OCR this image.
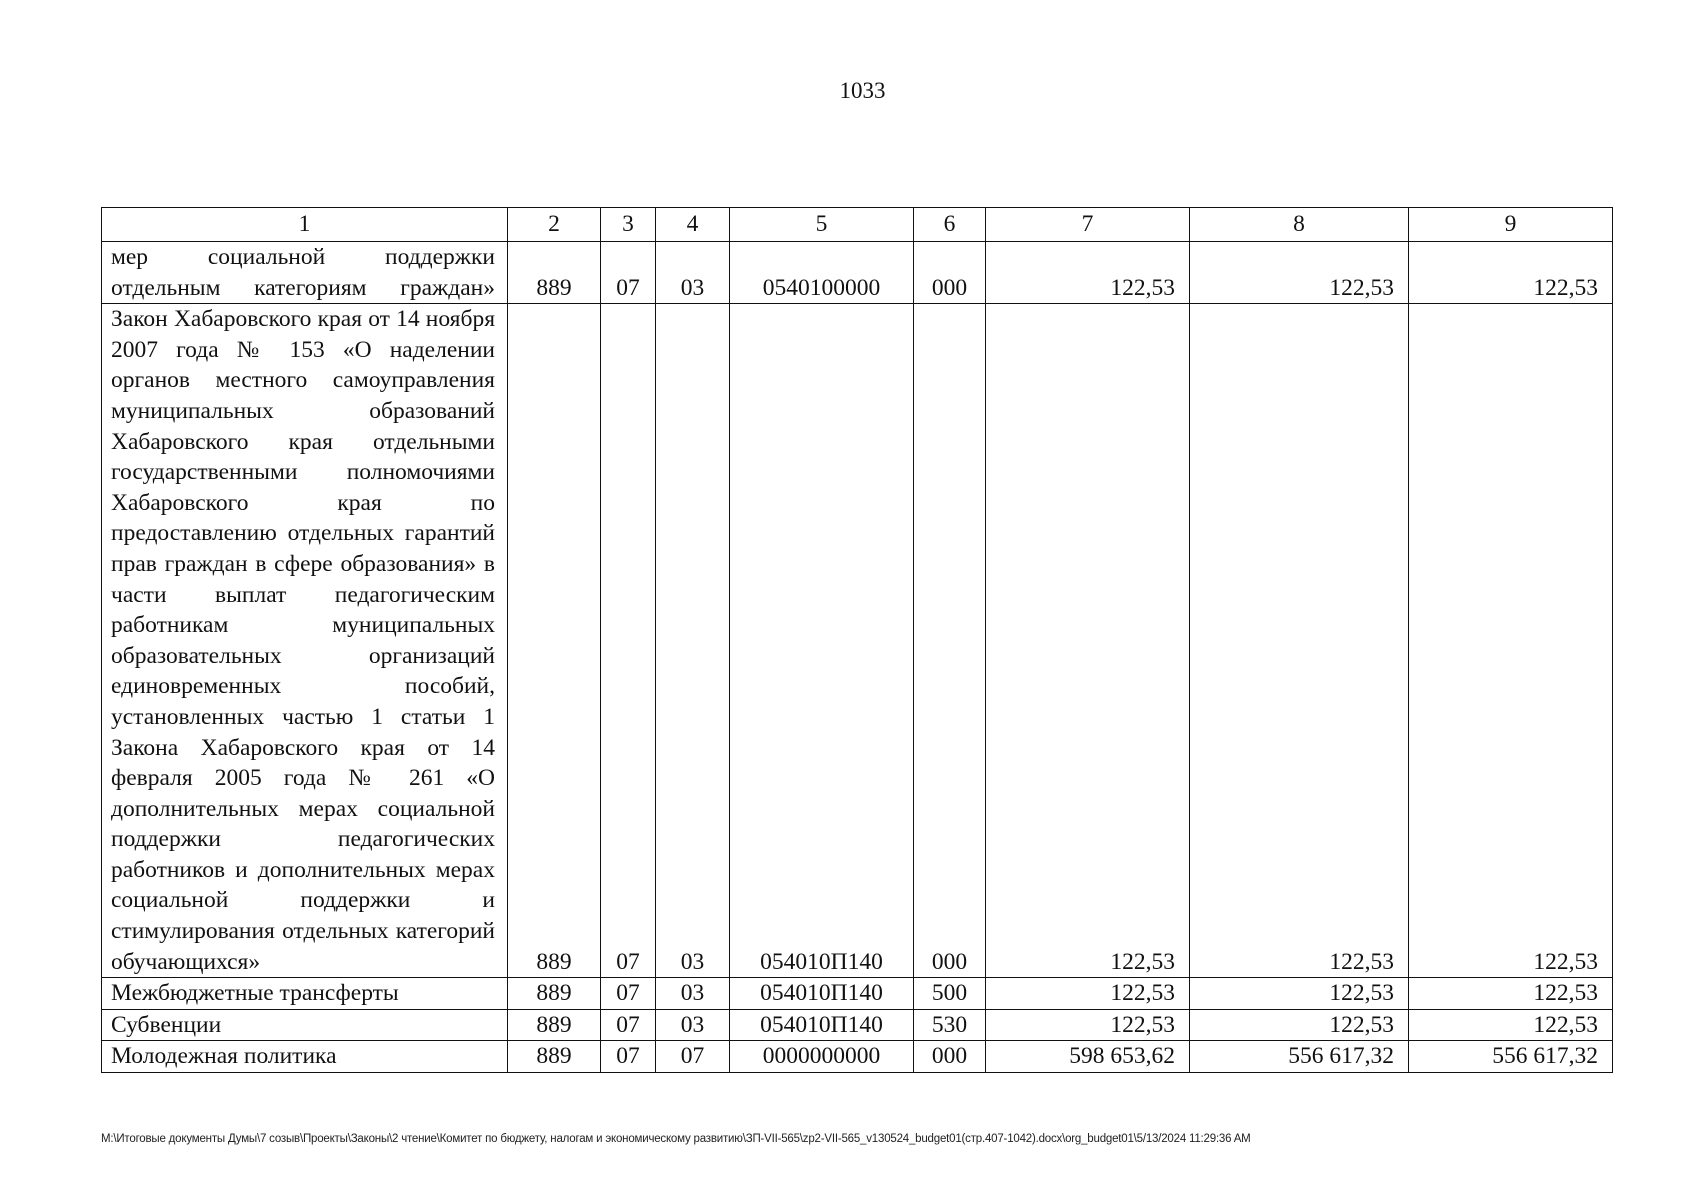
1033
1	2	3	4	5	6	7	8	9
мер социальной поддержки отдельным категориям граждан»	889	07	03	0540100000	000	122,53	122,53	122,53
Закон Хабаровского края от 14 ноября 2007 года № 153 «О наделении органов местного самоуправления муниципальных образований Хабаровского края отдельными государственными полномочиями Хабаровского края по предоставлению отдельных гарантий прав граждан в сфере образования» в части выплат педагогическим работникам муниципальных образовательных организаций единовременных пособий, установленных частью 1 статьи 1 Закона Хабаровского края от 14 февраля 2005 года № 261 «О дополнительных мерах социальной поддержки педагогических работников и дополнительных мерах социальной поддержки и стимулирования отдельных категорий обучающихся»	889	07	03	054010П140	000	122,53	122,53	122,53
Межбюджетные трансферты	889	07	03	054010П140	500	122,53	122,53	122,53
Субвенции	889	07	03	054010П140	530	122,53	122,53	122,53
Молодежная политика	889	07	07	0000000000	000	598 653,62	556 617,32	556 617,32
M:\Итоговые документы Думы\7 созыв\Проекты\Законы\2 чтение\Комитет по бюджету, налогам и экономическому развитию\ЗП-VII-565\zp2-VII-565_v130524_budget01(стр.407-1042).docx\org_budget01\5/13/2024 11:29:36 AM
